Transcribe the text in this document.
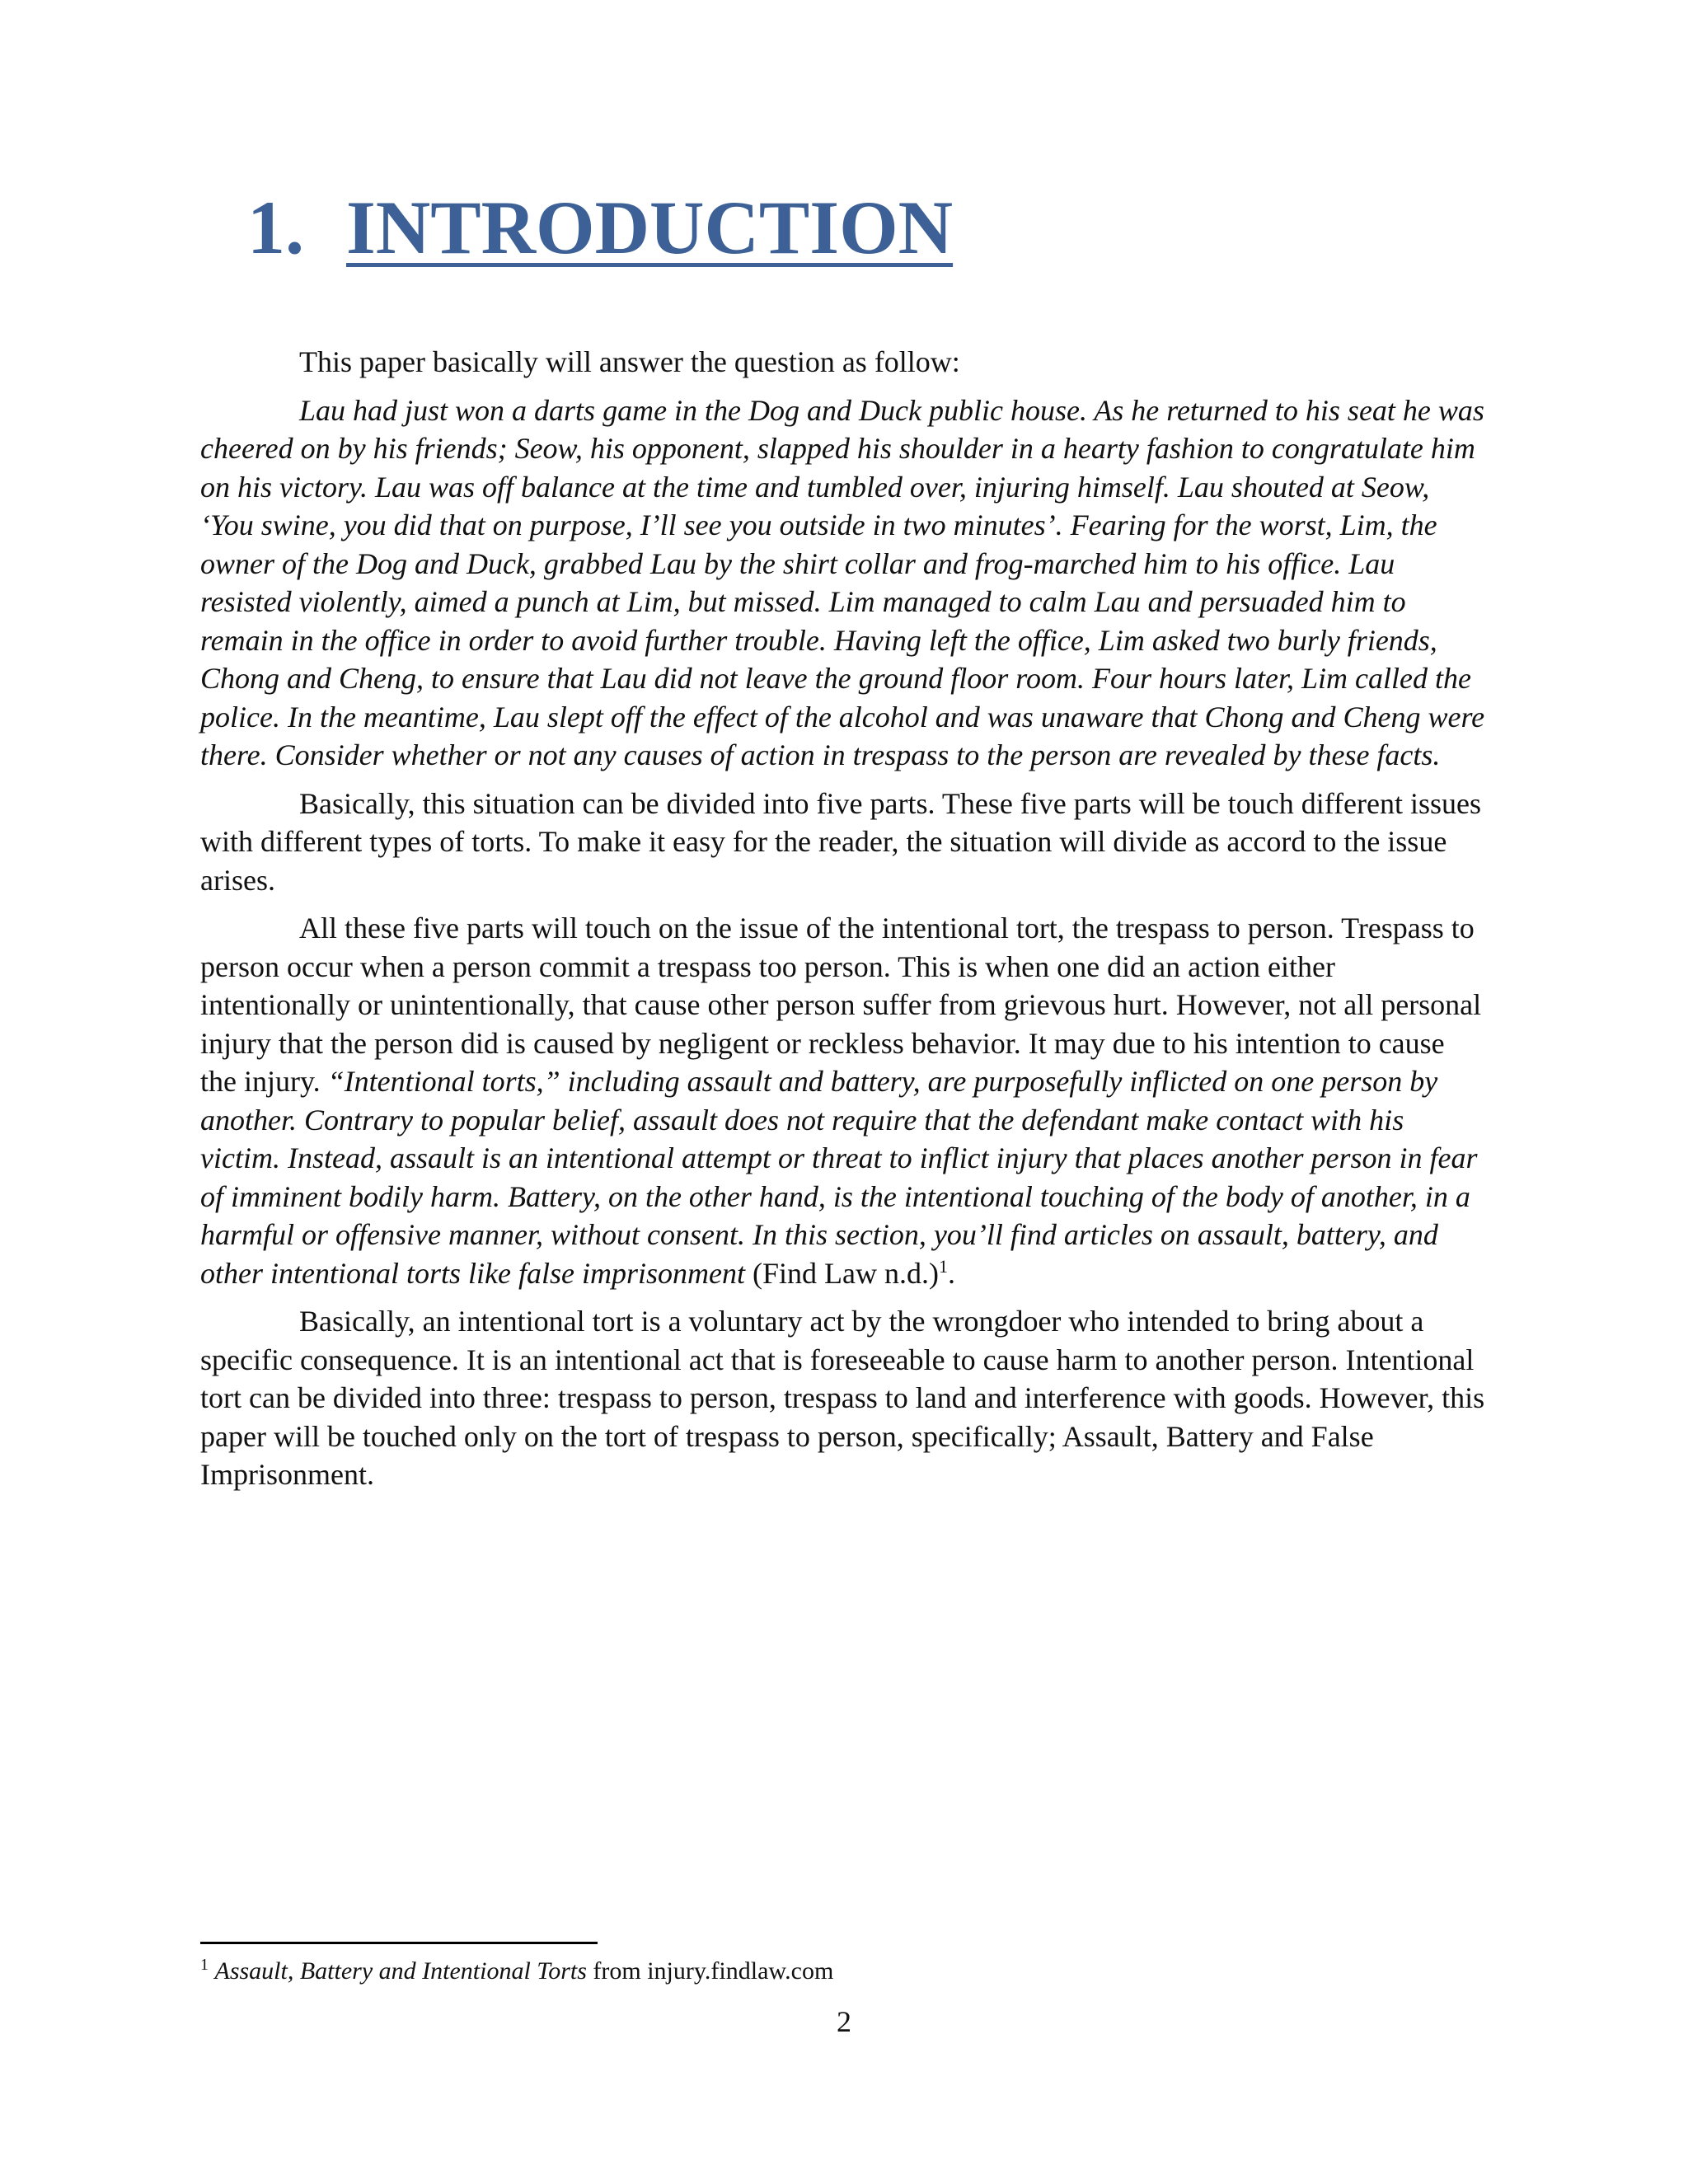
1. INTRODUCTION

This paper basically will answer the question as follow:

Lau had just won a darts game in the Dog and Duck public house. As he returned to his seat he was cheered on by his friends; Seow, his opponent, slapped his shoulder in a hearty fashion to congratulate him on his victory. Lau was off balance at the time and tumbled over, injuring himself. Lau shouted at Seow, ‘You swine, you did that on purpose, I’ll see you outside in two minutes’. Fearing for the worst, Lim, the owner of the Dog and Duck, grabbed Lau by the shirt collar and frog-marched him to his office. Lau resisted violently, aimed a punch at Lim, but missed. Lim managed to calm Lau and persuaded him to remain in the office in order to avoid further trouble. Having left the office, Lim asked two burly friends, Chong and Cheng, to ensure that Lau did not leave the ground floor room. Four hours later, Lim called the police. In the meantime, Lau slept off the effect of the alcohol and was unaware that Chong and Cheng were there. Consider whether or not any causes of action in trespass to the person are revealed by these facts.

Basically, this situation can be divided into five parts. These five parts will be touch different issues with different types of torts. To make it easy for the reader, the situation will divide as accord to the issue arises.

All these five parts will touch on the issue of the intentional tort, the trespass to person. Trespass to person occur when a person commit a trespass too person. This is when one did an action either intentionally or unintentionally, that cause other person suffer from grievous hurt. However, not all personal injury that the person did is caused by negligent or reckless behavior. It may due to his intention to cause the injury. “Intentional torts,” including assault and battery, are purposefully inflicted on one person by another. Contrary to popular belief, assault does not require that the defendant make contact with his victim. Instead, assault is an intentional attempt or threat to inflict injury that places another person in fear of imminent bodily harm. Battery, on the other hand, is the intentional touching of the body of another, in a harmful or offensive manner, without consent. In this section, you’ll find articles on assault, battery, and other intentional torts like false imprisonment (Find Law n.d.)$^1$.

Basically, an intentional tort is a voluntary act by the wrongdoer who intended to bring about a specific consequence. It is an intentional act that is foreseeable to cause harm to another person. Intentional tort can be divided into three: trespass to person, trespass to land and interference with goods. However, this paper will be touched only on the tort of trespass to person, specifically; Assault, Battery and False Imprisonment.

$^1$ Assault, Battery and Intentional Torts from injury.findlaw.com
2
